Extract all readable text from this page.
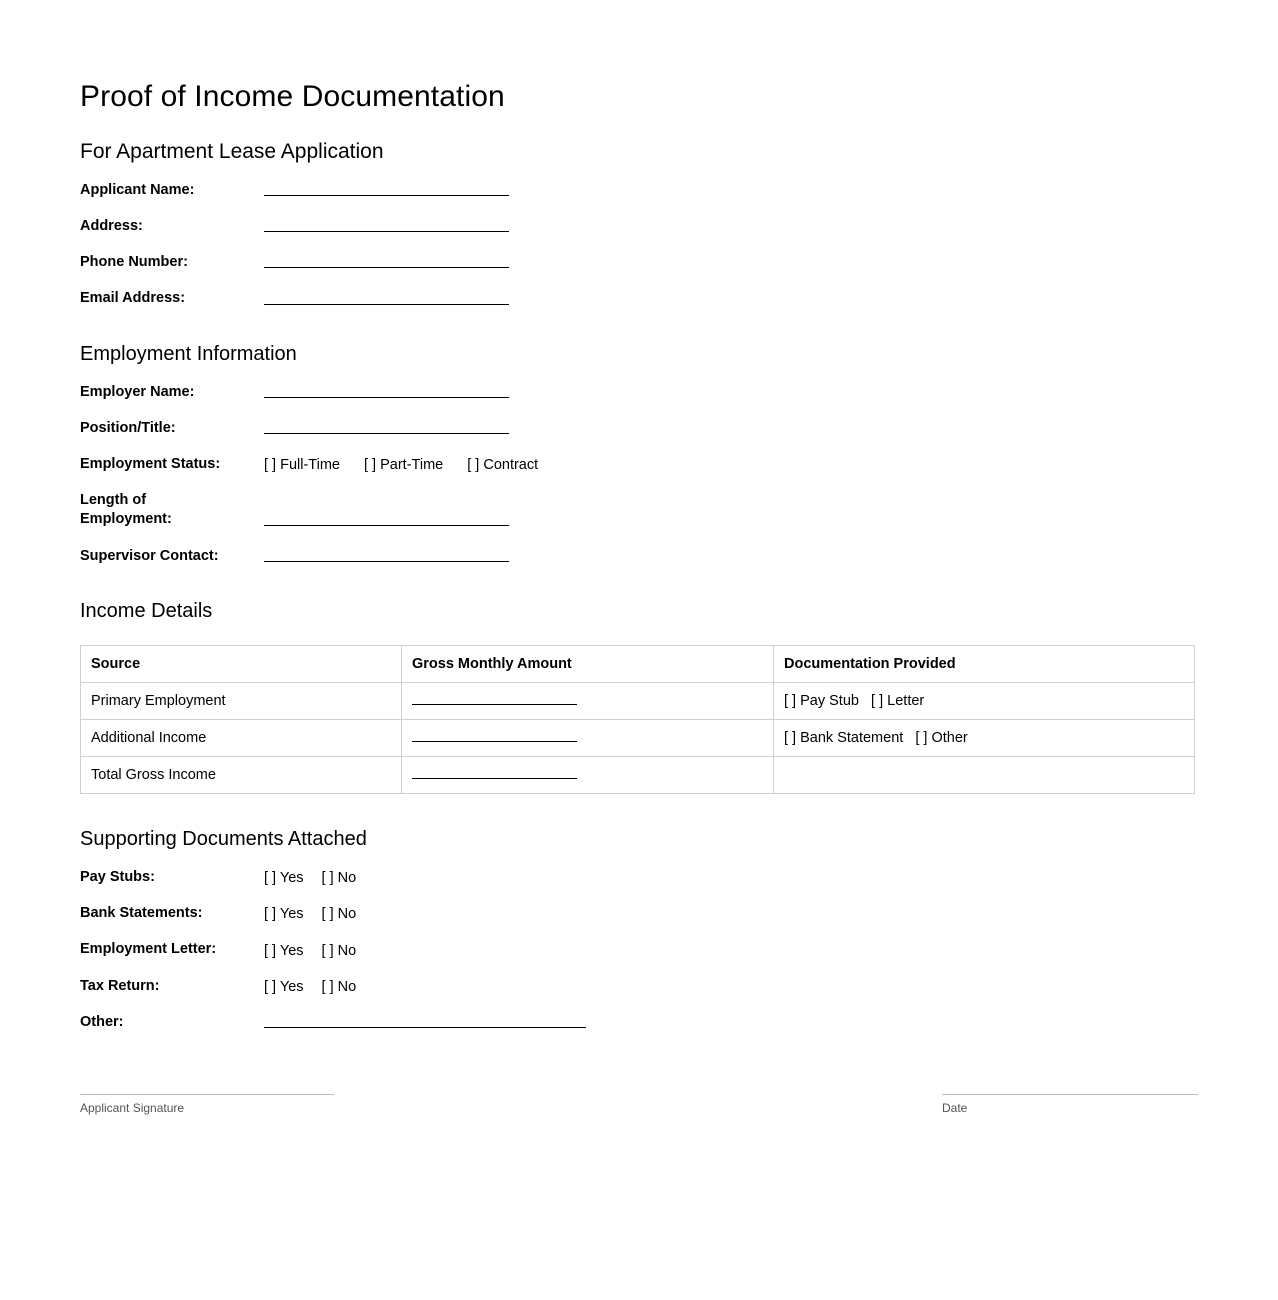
Proof of Income Documentation
For Apartment Lease Application
Applicant Name:
Address:
Phone Number:
Email Address:
Employment Information
Employer Name:
Position/Title:
Employment Status:	[ ] Full-Time [ ] Part-Time [ ] Contract
Length of
Employment:
Supervisor Contact:
Income Details
Source	Gross Monthly Amount	Documentation Provided
Primary Employment		[ ] Pay Stub   [ ] Letter
Additional Income		[ ] Bank Statement   [ ] Other
Total Gross Income	

Supporting Documents Attached
Pay Stubs:	[ ] Yes [ ] No
Bank Statements:	[ ] Yes [ ] No
Employment Letter:	[ ] Yes [ ] No
Tax Return:	[ ] Yes [ ] No
Other:
Applicant Signature	Date
